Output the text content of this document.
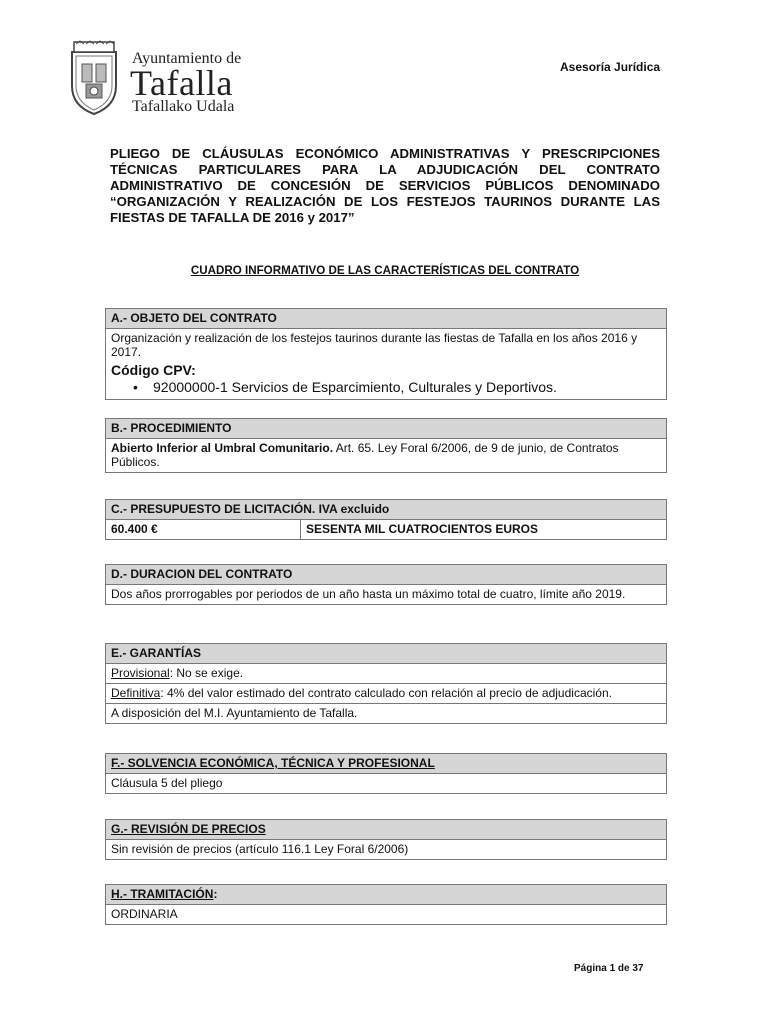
Ayuntamiento de
Tafalla
Tafallako Udala
Asesoría Jurídica

PLIEGO DE CLÁUSULAS ECONÓMICO ADMINISTRATIVAS Y PRESCRIPCIONES TÉCNICAS PARTICULARES PARA LA ADJUDICACIÓN DEL CONTRATO ADMINISTRATIVO DE CONCESIÓN DE SERVICIOS PÚBLICOS DENOMINADO “ORGANIZACIÓN Y REALIZACIÓN DE LOS FESTEJOS TAURINOS DURANTE LAS FIESTAS DE TAFALLA DE 2016 y 2017”

CUADRO INFORMATIVO DE LAS CARACTERÍSTICAS DEL CONTRATO
A.- OBJETO DEL CONTRATO
Organización y realización de los festejos taurinos durante las fiestas de Tafalla en los años 2016 y 2017.
Código CPV:
• 92000000-1 Servicios de Esparcimiento, Culturales y Deportivos.
B.- PROCEDIMIENTO
Abierto Inferior al Umbral Comunitario. Art. 65. Ley Foral 6/2006, de 9 de junio, de Contratos Públicos.
C.- PRESUPUESTO DE LICITACIÓN. IVA excluido
60.400 €	SESENTA MIL CUATROCIENTOS EUROS
D.- DURACION DEL CONTRATO
Dos años prorrogables por periodos de un año hasta un máximo total de cuatro, límite año 2019.
E.- GARANTÍAS
Provisional: No se exige.
Definitiva: 4% del valor estimado del contrato calculado con relación al precio de adjudicación.
A disposición del M.I. Ayuntamiento de Tafalla.
F.- SOLVENCIA ECONÓMICA, TÉCNICA Y PROFESIONAL
Cláusula 5 del pliego
G.- REVISIÓN DE PRECIOS
Sin revisión de precios (artículo 116.1 Ley Foral 6/2006)
H.- TRAMITACIÓN:
ORDINARIA
Página 1 de 37
